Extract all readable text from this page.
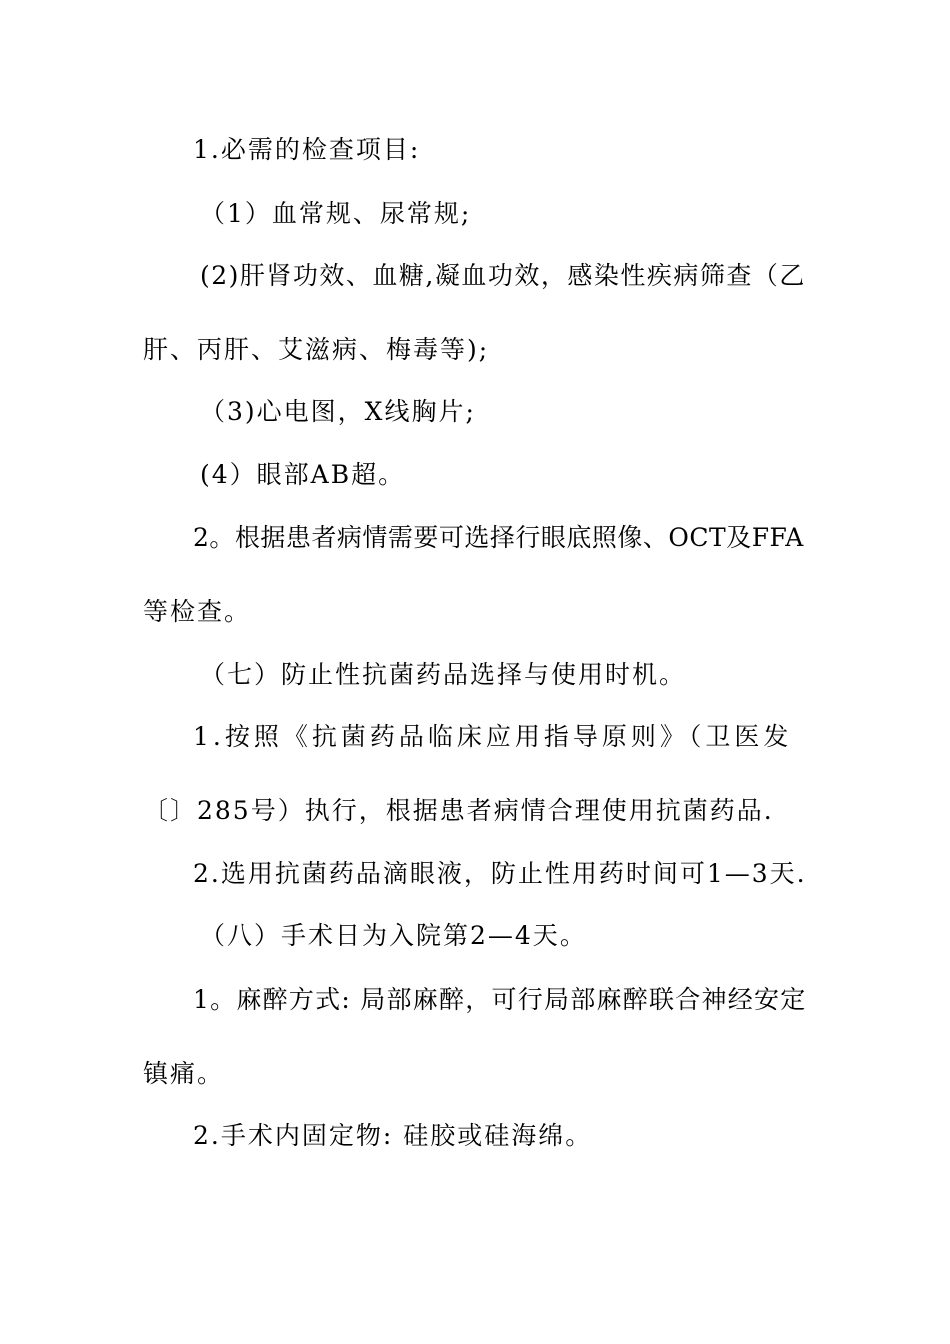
1.必需的检查项目:
（1）血常规、尿常规;
(2)肝肾功效、血糖,凝血功效，感染性疾病筛查（乙
肝、丙肝、艾滋病、梅毒等);
（3)心电图，X线胸片;
(4）眼部AB超。
2。根据患者病情需要可选择行眼底照像、OCT及FFA
等检查。
（七）防止性抗菌药品选择与使用时机。
1.按照《抗菌药品临床应用指导原则》（卫医发
〔〕285号）执行，根据患者病情合理使用抗菌药品.
2.选用抗菌药品滴眼液，防止性用药时间可1—3天.
（八）手术日为入院第2—4天。
1。麻醉方式: 局部麻醉，可行局部麻醉联合神经安定
镇痛。
2.手术内固定物: 硅胶或硅海绵。
